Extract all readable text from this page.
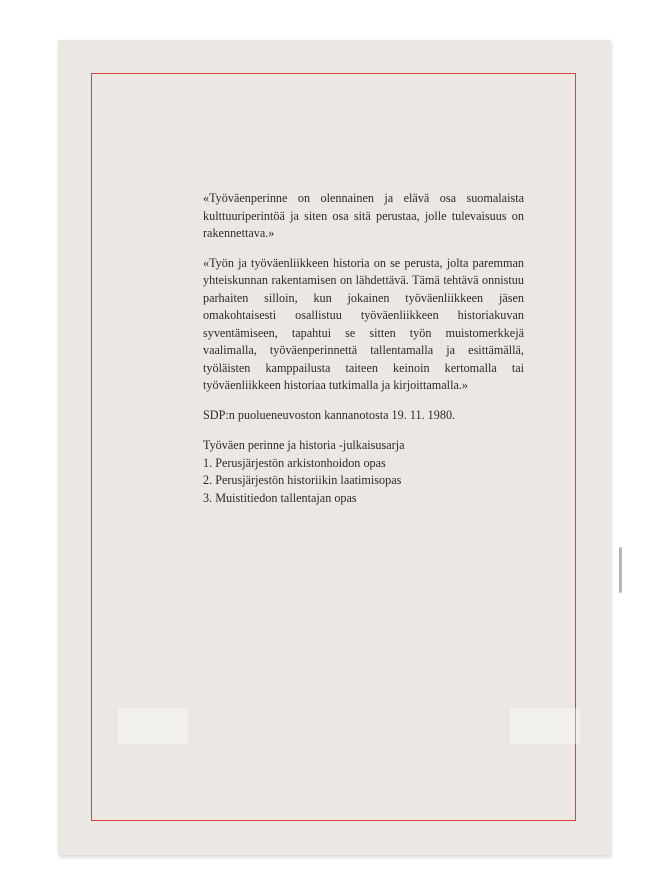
«Työväenperinne on olennainen ja elävä osa suomalaista kulttuuriperintöä ja siten osa sitä perustaa, jolle tulevaisuus on rakennettava.»

«Työn ja työväenliikkeen historia on se perusta, jolta paremman yhteiskunnan rakentamisen on lähdettävä. Tämä tehtävä onnistuu parhaiten silloin, kun jokainen työväenliikkeen jäsen omakohtaisesti osallistuu työväenliikkeen historiakuvan syventämiseen, tapahtui se sitten työn muistomerkkejä vaalimalla, työväenperinnettä tallentamalla ja esittämällä, työläisten kamppailusta taiteen keinoin kertomalla tai työväenliikkeen historiaa tutkimalla ja kirjoittamalla.»

SDP:n puolueneuvoston kannanotosta 19. 11. 1980.

Työväen perinne ja historia -julkaisusarja

1. Perusjärjestön arkistonhoidon opas
2. Perusjärjestön historiikin laatimisopas
3. Muistitiedon tallentajan opas
